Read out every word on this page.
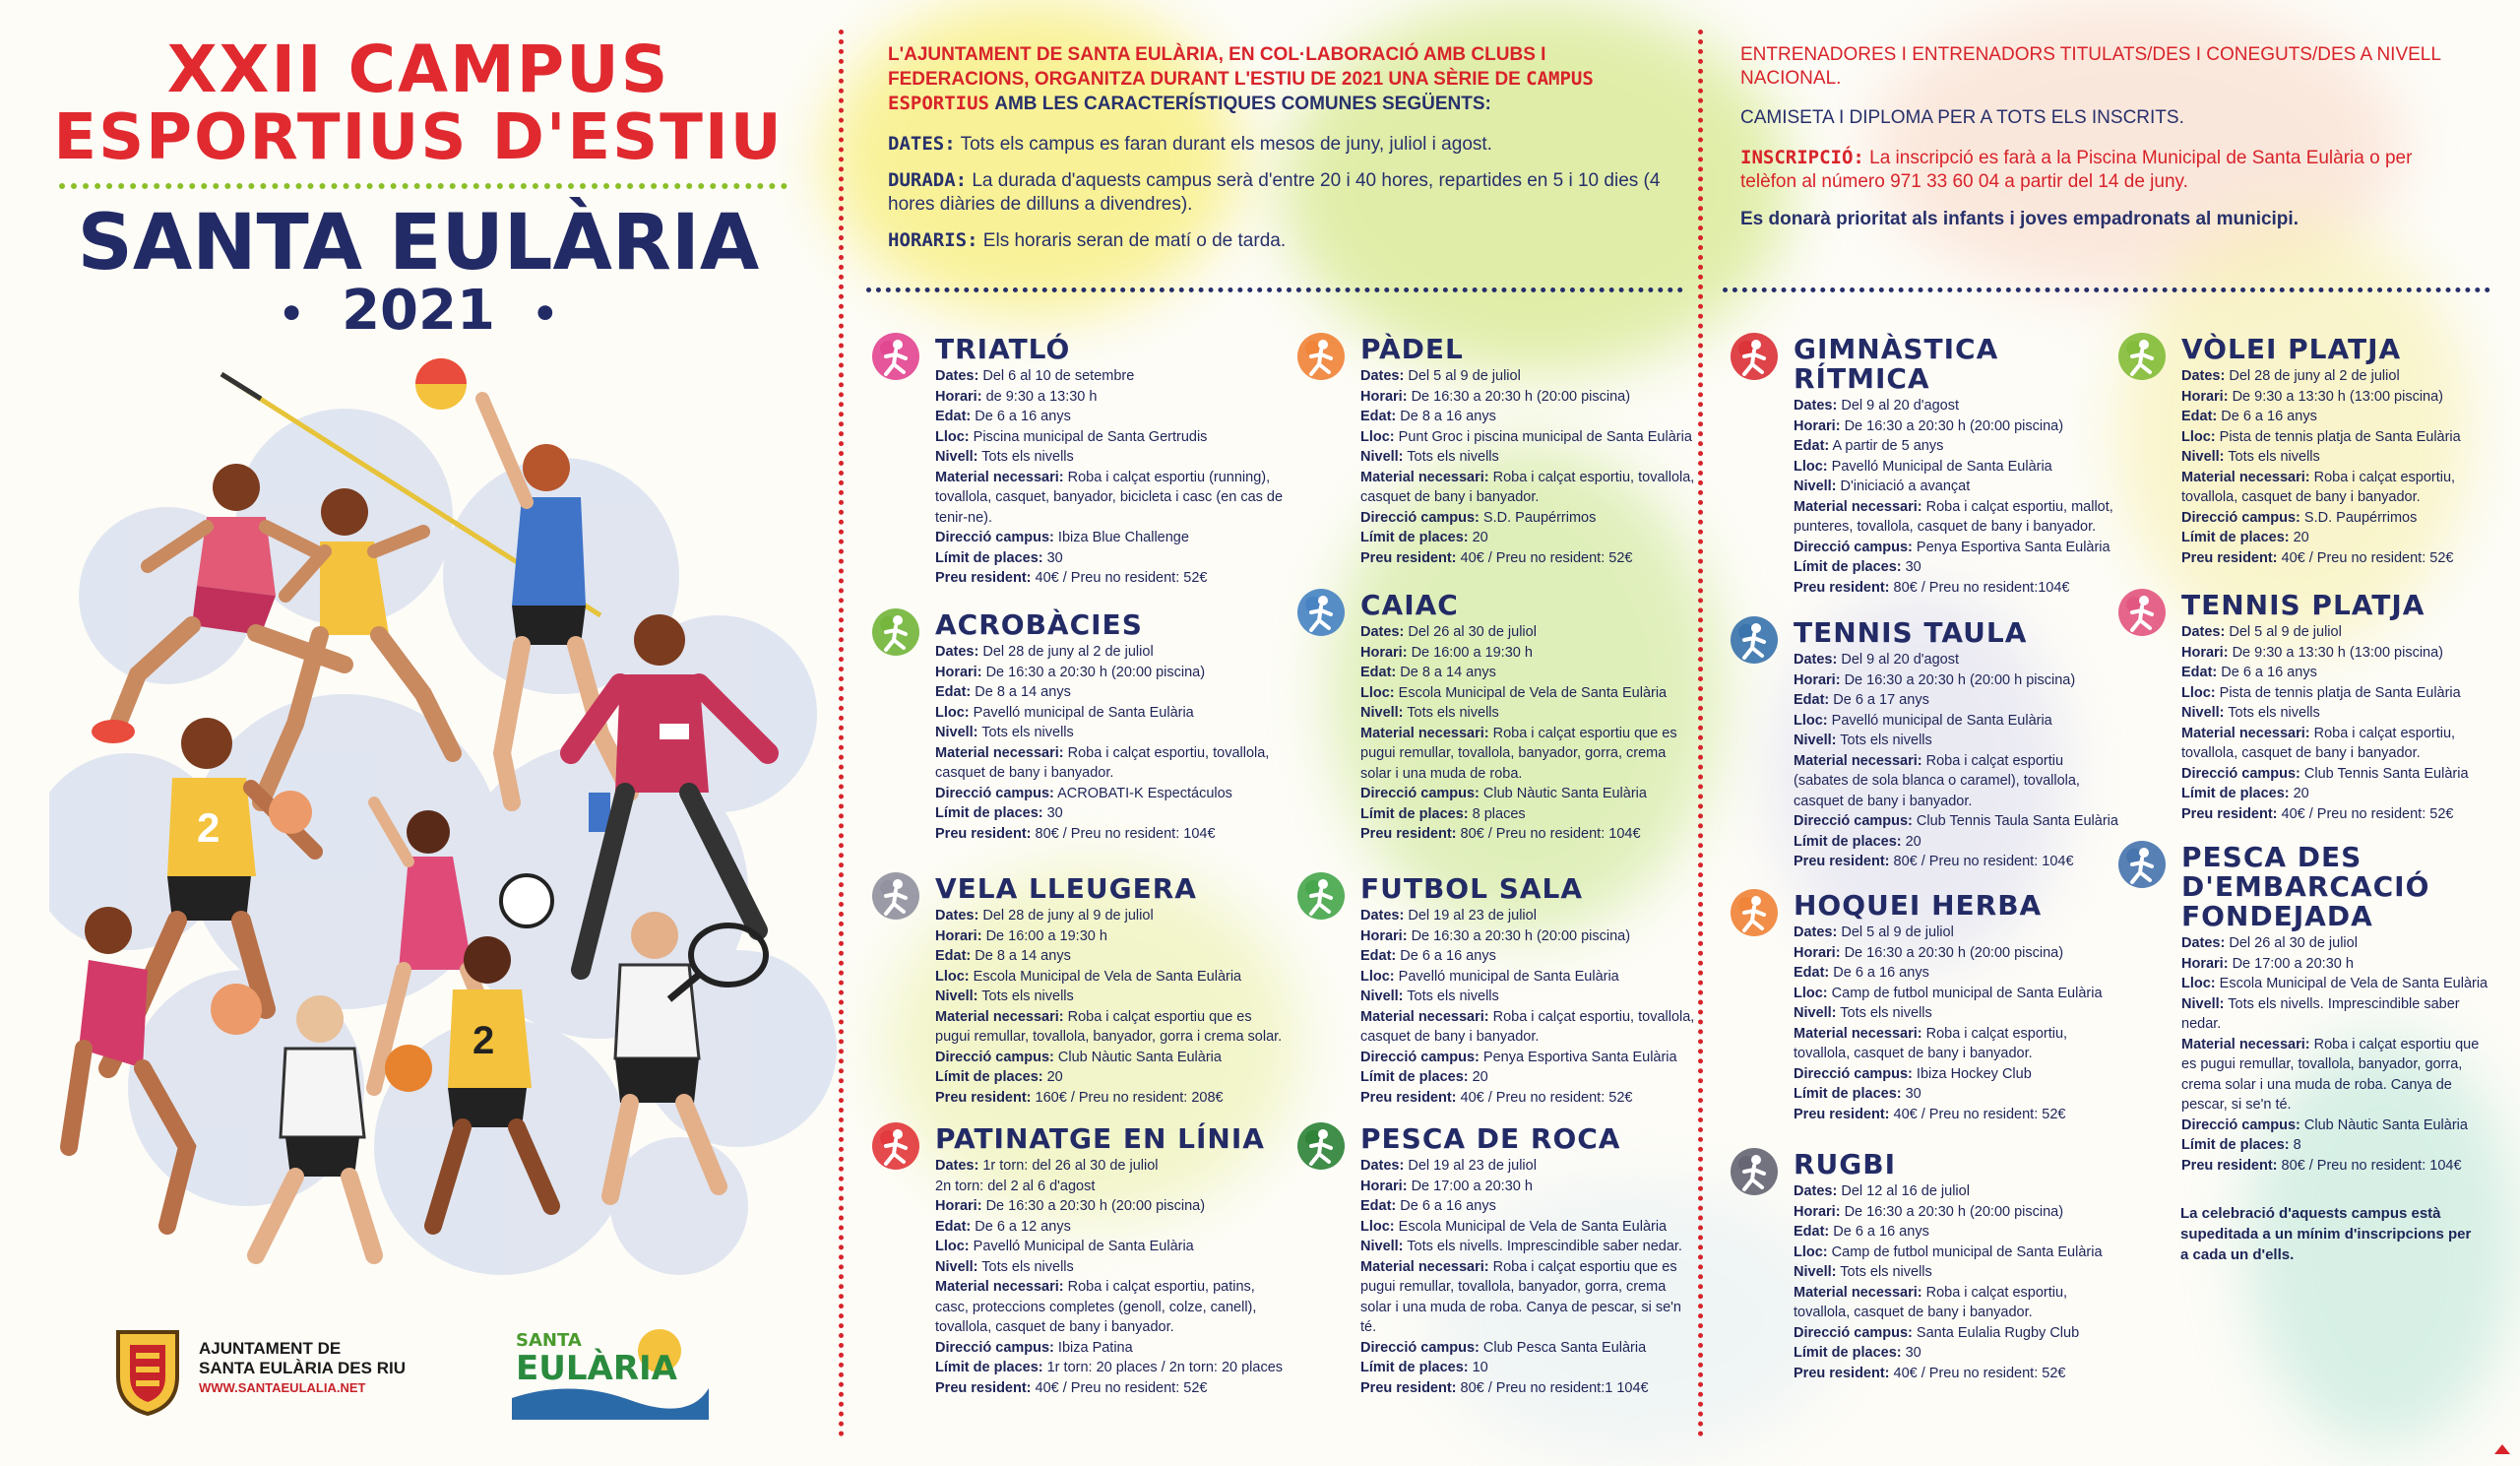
XXII CAMPUS
ESPORTIUS D'ESTIU
SANTA EULÀRIA
• 2021 •
2
2
AJUNTAMENT DE
SANTA EULÀRIA DES RIU
WWW.SANTAEULALIA.NET
SANTA
EULÀRIA

L'AJUNTAMENT DE SANTA EULÀRIA, EN COL·LABORACIÓ AMB CLUBS I FEDERACIONS, ORGANITZA DURANT L'ESTIU DE 2021 UNA SÈRIE DE CAMPUS ESPORTIUS AMB LES CARACTERÍSTIQUES COMUNES SEGÜENTS:

DATES: Tots els campus es faran durant els mesos de juny, juliol i agost.

DURADA: La durada d'aquests campus serà d'entre 20 i 40 hores, repartides en 5 i 10 dies (4 hores diàries de dilluns a divendres).

HORARIS: Els horaris seran de matí o de tarda.

ENTRENADORES I ENTRENADORS TITULATS/DES I CONEGUTS/DES A NIVELL NACIONAL.

CAMISETA I DIPLOMA PER A TOTS ELS INSCRITS.

INSCRIPCIÓ: La inscripció es farà a la Piscina Municipal de Santa Eulària o per telèfon al número 971 33 60 04 a partir del 14 de juny.

Es donarà prioritat als infants i joves empadronats al municipi.

TRIATLÓ
Dates: Del 6 al 10 de setembre
Horari: de 9:30 a 13:30 h
Edat: De 6 a 16 anys
Lloc: Piscina municipal de Santa Gertrudis
Nivell: Tots els nivells
Material necessari: Roba i calçat esportiu (running), tovallola, casquet, banyador, bicicleta i casc (en cas de tenir-ne).
Direcció campus: Ibiza Blue Challenge
Límit de places: 30
Preu resident: 40€ / Preu no resident: 52€
ACROBÀCIES
Dates: Del 28 de juny al 2 de juliol
Horari: De 16:30 a 20:30 h (20:00 piscina)
Edat: De 8 a 14 anys
Lloc: Pavelló municipal de Santa Eulària
Nivell: Tots els nivells
Material necessari: Roba i calçat esportiu, tovallola, casquet de bany i banyador.
Direcció campus: ACROBATI-K Espectáculos
Límit de places: 30
Preu resident: 80€ / Preu no resident: 104€
VELA LLEUGERA
Dates: Del 28 de juny al 9 de juliol
Horari: De 16:00 a 19:30 h
Edat: De 8 a 14 anys
Lloc: Escola Municipal de Vela de Santa Eulària
Nivell: Tots els nivells
Material necessari: Roba i calçat esportiu que es pugui remullar, tovallola, banyador, gorra i crema solar.
Direcció campus: Club Nàutic Santa Eulària
Límit de places: 20
Preu resident: 160€ / Preu no resident: 208€
PATINATGE EN LÍNIA
Dates: 1r torn: del 26 al 30 de juliol
2n torn: del 2 al 6 d'agost
Horari: De 16:30 a 20:30 h (20:00 piscina)
Edat: De 6 a 12 anys
Lloc: Pavelló Municipal de Santa Eulària
Nivell: Tots els nivells
Material necessari: Roba i calçat esportiu, patins, casc, proteccions completes (genoll, colze, canell), tovallola, casquet de bany i banyador.
Direcció campus: Ibiza Patina
Límit de places: 1r torn: 20 places / 2n torn: 20 places
Preu resident: 40€ / Preu no resident: 52€
PÀDEL
Dates: Del 5 al 9 de juliol
Horari: De 16:30 a 20:30 h (20:00 piscina)
Edat: De 8 a 16 anys
Lloc: Punt Groc i piscina municipal de Santa Eulària
Nivell: Tots els nivells
Material necessari: Roba i calçat esportiu, tovallola, casquet de bany i banyador.
Direcció campus: S.D. Paupérrimos
Límit de places: 20
Preu resident: 40€ / Preu no resident: 52€
CAIAC
Dates: Del 26 al 30 de juliol
Horari: De 16:00 a 19:30 h
Edat: De 8 a 14 anys
Lloc: Escola Municipal de Vela de Santa Eulària
Nivell: Tots els nivells
Material necessari: Roba i calçat esportiu que es pugui remullar, tovallola, banyador, gorra, crema solar i una muda de roba.
Direcció campus: Club Nàutic Santa Eulària
Límit de places: 8 places
Preu resident: 80€ / Preu no resident: 104€
FUTBOL SALA
Dates: Del 19 al 23 de juliol
Horari: De 16:30 a 20:30 h (20:00 piscina)
Edat: De 6 a 16 anys
Lloc: Pavelló municipal de Santa Eulària
Nivell: Tots els nivells
Material necessari: Roba i calçat esportiu, tovallola, casquet de bany i banyador.
Direcció campus: Penya Esportiva Santa Eulària
Límit de places: 20
Preu resident: 40€ / Preu no resident: 52€
PESCA DE ROCA
Dates: Del 19 al 23 de juliol
Horari: De 17:00 a 20:30 h
Edat: De 6 a 16 anys
Lloc: Escola Municipal de Vela de Santa Eulària
Nivell: Tots els nivells. Imprescindible saber nedar.
Material necessari: Roba i calçat esportiu que es pugui remullar, tovallola, banyador, gorra, crema solar i una muda de roba. Canya de pescar, si se'n té.
Direcció campus: Club Pesca Santa Eulària
Límit de places: 10
Preu resident: 80€ / Preu no resident:1 104€
GIMNÀSTICA RÍTMICA
Dates: Del 9 al 20 d'agost
Horari: De 16:30 a 20:30 h (20:00 piscina)
Edat: A partir de 5 anys
Lloc: Pavelló Municipal de Santa Eulària
Nivell: D'iniciació a avançat
Material necessari: Roba i calçat esportiu, mallot, punteres, tovallola, casquet de bany i banyador.
Direcció campus: Penya Esportiva Santa Eulària
Límit de places: 30
Preu resident: 80€ / Preu no resident:104€
TENNIS TAULA
Dates: Del 9 al 20 d'agost
Horari: De 16:30 a 20:30 h (20:00 h piscina)
Edat: De 6 a 17 anys
Lloc: Pavelló municipal de Santa Eulària
Nivell: Tots els nivells
Material necessari: Roba i calçat esportiu (sabates de sola blanca o caramel), tovallola, casquet de bany i banyador.
Direcció campus: Club Tennis Taula Santa Eulària
Límit de places: 20
Preu resident: 80€ / Preu no resident: 104€
HOQUEI HERBA
Dates: Del 5 al 9 de juliol
Horari: De 16:30 a 20:30 h (20:00 piscina)
Edat: De 6 a 16 anys
Lloc: Camp de futbol municipal de Santa Eulària
Nivell: Tots els nivells
Material necessari: Roba i calçat esportiu, tovallola, casquet de bany i banyador.
Direcció campus: Ibiza Hockey Club
Límit de places: 30
Preu resident: 40€ / Preu no resident: 52€
RUGBI
Dates: Del 12 al 16 de juliol
Horari: De 16:30 a 20:30 h (20:00 piscina)
Edat: De 6 a 16 anys
Lloc: Camp de futbol municipal de Santa Eulària
Nivell: Tots els nivells
Material necessari: Roba i calçat esportiu, tovallola, casquet de bany i banyador.
Direcció campus: Santa Eulalia Rugby Club
Límit de places: 30
Preu resident: 40€ / Preu no resident: 52€
VÒLEI PLATJA
Dates: Del 28 de juny al 2 de juliol
Horari: De 9:30 a 13:30 h (13:00 piscina)
Edat: De 6 a 16 anys
Lloc: Pista de tennis platja de Santa Eulària
Nivell: Tots els nivells
Material necessari: Roba i calçat esportiu, tovallola, casquet de bany i banyador.
Direcció campus: S.D. Paupérrimos
Límit de places: 20
Preu resident: 40€ / Preu no resident: 52€
TENNIS PLATJA
Dates: Del 5 al 9 de juliol
Horari: De 9:30 a 13:30 h (13:00 piscina)
Edat: De 6 a 16 anys
Lloc: Pista de tennis platja de Santa Eulària
Nivell: Tots els nivells
Material necessari: Roba i calçat esportiu, tovallola, casquet de bany i banyador.
Direcció campus: Club Tennis Santa Eulària
Límit de places: 20
Preu resident: 40€ / Preu no resident: 52€
PESCA DES D'EMBARCACIÓ FONDEJADA
Dates: Del 26 al 30 de juliol
Horari: De 17:00 a 20:30 h
Lloc: Escola Municipal de Vela de Santa Eulària
Nivell: Tots els nivells. Imprescindible saber nedar.
Material necessari: Roba i calçat esportiu que es pugui remullar, tovallola, banyador, gorra, crema solar i una muda de roba. Canya de pescar, si se'n té.
Direcció campus: Club Nàutic Santa Eulària
Límit de places: 8
Preu resident: 80€ / Preu no resident: 104€
La celebració d'aquests campus està supeditada a un mínim d'inscripcions per a cada un d'ells.
